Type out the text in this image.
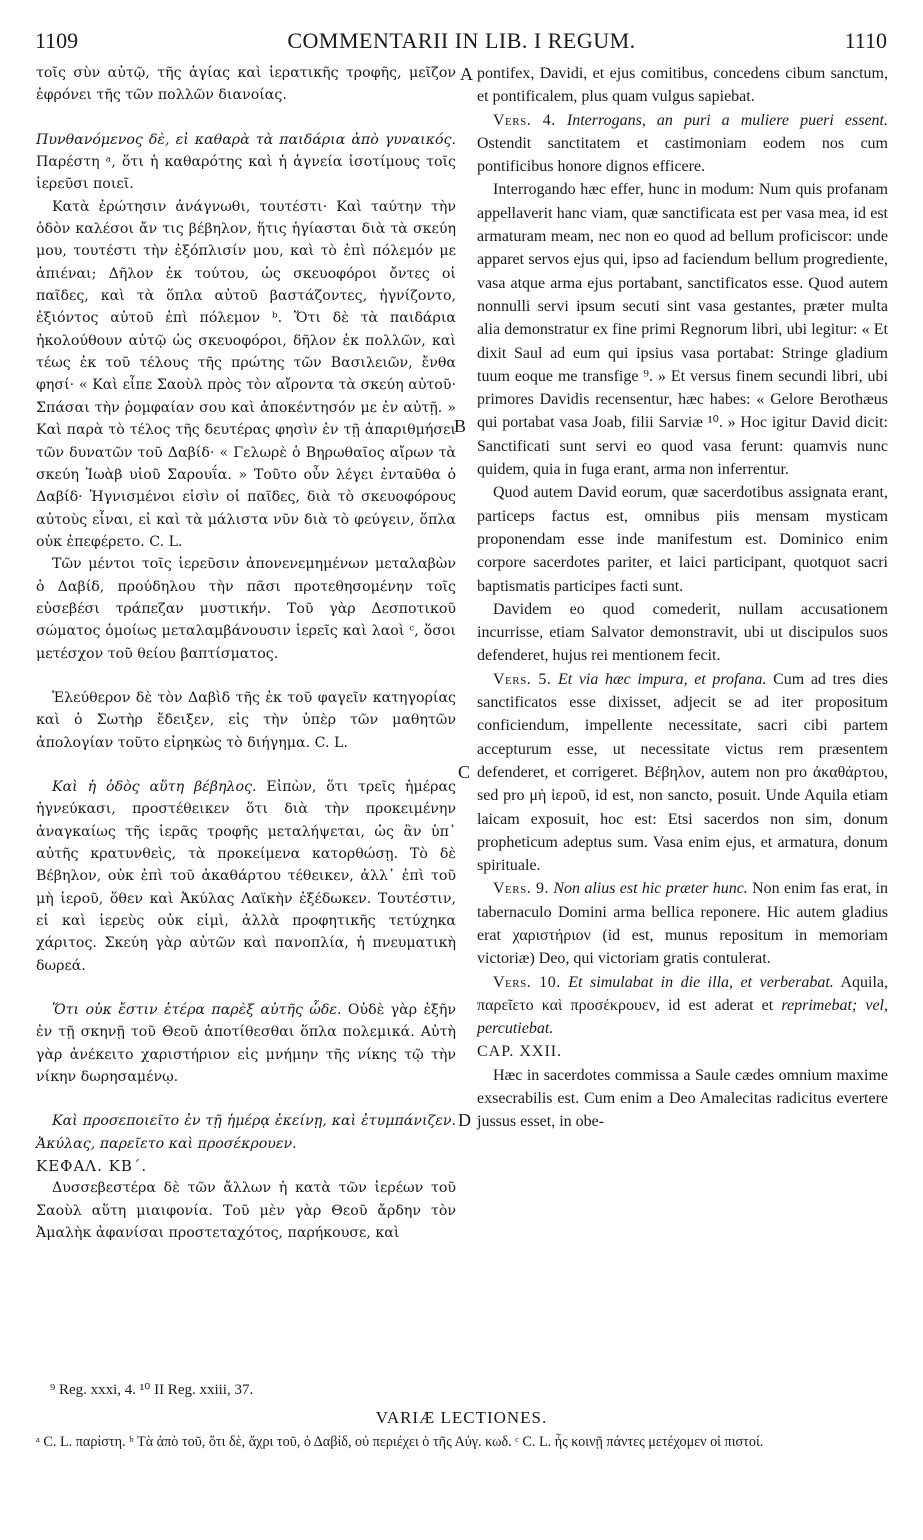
1109	COMMENTARII IN LIB. I REGUM.	1110
A
B
C
D

τοῖς σὺν αὐτῷ, τῆς ἁγίας καὶ ἱερατικῆς τροφῆς, μεῖζον ἐφρόνει τῆς τῶν πολλῶν διανοίας.

Πυνθανόμενος δὲ, εἰ καθαρὰ τὰ παιδάρια ἀπὸ γυναικός. Παρέστη ᵃ, ὅτι ἡ καθαρότης καὶ ἡ ἁγνεία ἰσοτίμους τοῖς ἱερεῦσι ποιεῖ.

Κατὰ ἐρώτησιν ἀνάγνωθι, τουτέστι· Καὶ ταύτην τὴν ὁδὸν καλέσοι ἄν τις βέβηλον, ἥτις ἡγίασται διὰ τὰ σκεύη μου, τουτέστι τὴν ἐξόπλισίν μου, καὶ τὸ ἐπὶ πόλεμόν με ἀπιέναι; Δῆλον ἐκ τούτου, ὡς σκευοφόροι ὄντες οἱ παῖδες, καὶ τὰ ὅπλα αὐτοῦ βαστάζοντες, ἡγνίζοντο, ἐξιόντος αὐτοῦ ἐπὶ πόλεμον ᵇ. Ὅτι δὲ τὰ παιδάρια ἠκολούθουν αὐτῷ ὡς σκευοφόροι, δῆλον ἐκ πολλῶν, καὶ τέως ἐκ τοῦ τέλους τῆς πρώτης τῶν Βασιλειῶν, ἔνθα φησί· « Καὶ εἶπε Σαοὺλ πρὸς τὸν αἴροντα τὰ σκεύη αὐτοῦ· Σπάσαι τὴν ῥομφαίαν σου καὶ ἀποκέντησόν με ἐν αὐτῇ. » Καὶ παρὰ τὸ τέλος τῆς δευτέρας φησὶν ἐν τῇ ἀπαριθμήσει τῶν δυνατῶν τοῦ Δαβίδ· « Γελωρὲ ὁ Βηρωθαῖος αἴρων τὰ σκεύη Ἰωὰβ υἱοῦ Σαρουΐα. » Τοῦτο οὖν λέγει ἐνταῦθα ὁ Δαβίδ· Ἡγνισμένοι εἰσὶν οἱ παῖδες, διὰ τὸ σκευοφόρους αὐτοὺς εἶναι, εἰ καὶ τὰ μάλιστα νῦν διὰ τὸ φεύγειν, ὅπλα οὐκ ἐπεφέρετο. C. L.

Τῶν μέντοι τοῖς ἱερεῦσιν ἀπονενεμημένων μεταλαβὼν ὁ Δαβίδ, προύδηλου τὴν πᾶσι προτεθησομένην τοῖς εὐσεβέσι τράπεζαν μυστικήν. Τοῦ γὰρ Δεσποτικοῦ σώματος ὁμοίως μεταλαμβάνουσιν ἱερεῖς καὶ λαοὶ ᶜ, ὅσοι μετέσχον τοῦ θείου βαπτίσματος.

Ἐλεύθερον δὲ τὸν Δαβὶδ τῆς ἐκ τοῦ φαγεῖν κατηγορίας καὶ ὁ Σωτὴρ ἔδειξεν, εἰς τὴν ὑπὲρ τῶν μαθητῶν ἀπολογίαν τοῦτο εἰρηκὼς τὸ διήγημα. C. L.

Καὶ ἡ ὁδὸς αὕτη βέβηλος. Εἰπὼν, ὅτι τρεῖς ἡμέρας ἡγνεύκασι, προστέθεικεν ὅτι διὰ τὴν προκειμένην ἀναγκαίως τῆς ἱερᾶς τροφῆς μεταλήψεται, ὡς ἂν ὑπ᾽ αὐτῆς κρατυνθεὶς, τὰ προκείμενα κατορθώσῃ. Τὸ δὲ Βέβηλον, οὐκ ἐπὶ τοῦ ἀκαθάρτου τέθεικεν, ἀλλ᾽ ἐπὶ τοῦ μὴ ἱεροῦ, ὅθεν καὶ Ἀκύλας Λαϊκὴν ἐξέδωκεν. Τουτέστιν, εἰ καὶ ἱερεὺς οὐκ εἰμὶ, ἀλλὰ προφητικῆς τετύχηκα χάριτος. Σκεύη γὰρ αὐτῶν καὶ πανοπλία, ἡ πνευματικὴ δωρεά.

Ὅτι οὐκ ἔστιν ἑτέρα παρὲξ αὐτῆς ὧδε. Οὐδὲ γὰρ ἐξῆν ἐν τῇ σκηνῇ τοῦ Θεοῦ ἀποτίθεσθαι ὅπλα πολεμικά. Αὐτὴ γὰρ ἀνέκειτο χαριστήριον εἰς μνήμην τῆς νίκης τῷ τὴν νίκην δωρησαμένῳ.

Καὶ προσεποιεῖτο ἐν τῇ ἡμέρᾳ ἐκείνῃ, καὶ ἐτυμπάνιζεν. Ἀκύλας, παρεῖετο καὶ προσέκρουεν.

ΚΕΦΑΛ. ΚΒ΄.

Δυσσεβεστέρα δὲ τῶν ἄλλων ἡ κατὰ τῶν ἱερέων τοῦ Σαοὺλ αὕτη μιαιφονία. Τοῦ μὲν γὰρ Θεοῦ ἄρδην τὸν Ἀμαλὴκ ἀφανίσαι προστεταχότος, παρήκουσε, καὶ

pontifex, Davidi, et ejus comitibus, concedens cibum sanctum, et pontificalem, plus quam vulgus sapiebat.

Vers. 4. Interrogans, an puri a muliere pueri essent. Ostendit sanctitatem et castimoniam eodem nos cum pontificibus honore dignos efficere.

Interrogando hæc effer, hunc in modum: Num quis profanam appellaverit hanc viam, quæ sanctificata est per vasa mea, id est armaturam meam, nec non eo quod ad bellum proficiscor: unde apparet servos ejus qui, ipso ad faciendum bellum progrediente, vasa atque arma ejus portabant, sanctificatos esse. Quod autem nonnulli servi ipsum secuti sint vasa gestantes, præter multa alia demonstratur ex fine primi Regnorum libri, ubi legitur: « Et dixit Saul ad eum qui ipsius vasa portabat: Stringe gladium tuum eoque me transfige ⁹. » Et versus finem secundi libri, ubi primores Davidis recensentur, hæc habes: « Gelore Berothæus qui portabat vasa Joab, filii Sarviæ ¹⁰. » Hoc igitur David dicit: Sanctificati sunt servi eo quod vasa ferunt: quamvis nunc quidem, quia in fuga erant, arma non inferrentur.

Quod autem David eorum, quæ sacerdotibus assignata erant, particeps factus est, omnibus piis mensam mysticam proponendam esse inde manifestum est. Dominico enim corpore sacerdotes pariter, et laici participant, quotquot sacri baptismatis participes facti sunt.

Davidem eo quod comederit, nullam accusationem incurrisse, etiam Salvator demonstravit, ubi ut discipulos suos defenderet, hujus rei mentionem fecit.

Vers. 5. Et via hæc impura, et profana. Cum ad tres dies sanctificatos esse dixisset, adjecit se ad iter propositum conficiendum, impellente necessitate, sacri cibi partem accepturum esse, ut necessitate victus rem præsentem defenderet, et corrigeret. Βέβηλον, autem non pro ἀκαθάρτου, sed pro μὴ ἱεροῦ, id est, non sancto, posuit. Unde Aquila etiam laicam exposuit, hoc est: Etsi sacerdos non sim, donum propheticum adeptus sum. Vasa enim ejus, et armatura, donum spirituale.

Vers. 9. Non alius est hic præter hunc. Non enim fas erat, in tabernaculo Domini arma bellica reponere. Hic autem gladius erat χαριστήριον (id est, munus repositum in memoriam victoriæ) Deo, qui victoriam gratis contulerat.

Vers. 10. Et simulabat in die illa, et verberabat. Aquila, παρεῖετο καὶ προσέκρουεν, id est aderat et reprimebat; vel, percutiebat.

CAP. XXII.

Hæc in sacerdotes commissa a Saule cædes omnium maxime exsecrabilis est. Cum enim a Deo Amalecitas radicitus evertere jussus esset, in obe-

⁹ Reg. xxxi, 4. ¹⁰ II Reg. xxiii, 37.
VARIÆ LECTIONES.
ᵃ C. L. παρίστη. ᵇ Τὰ ἀπὸ τοῦ, ὅτι δὲ, ἄχρι τοῦ, ὁ Δαβίδ, οὐ περιέχει ὁ τῆς Αὐγ. κωδ. ᶜ C. L. ἧς κοινῇ πάντες μετέχομεν οἱ πιστοί.
